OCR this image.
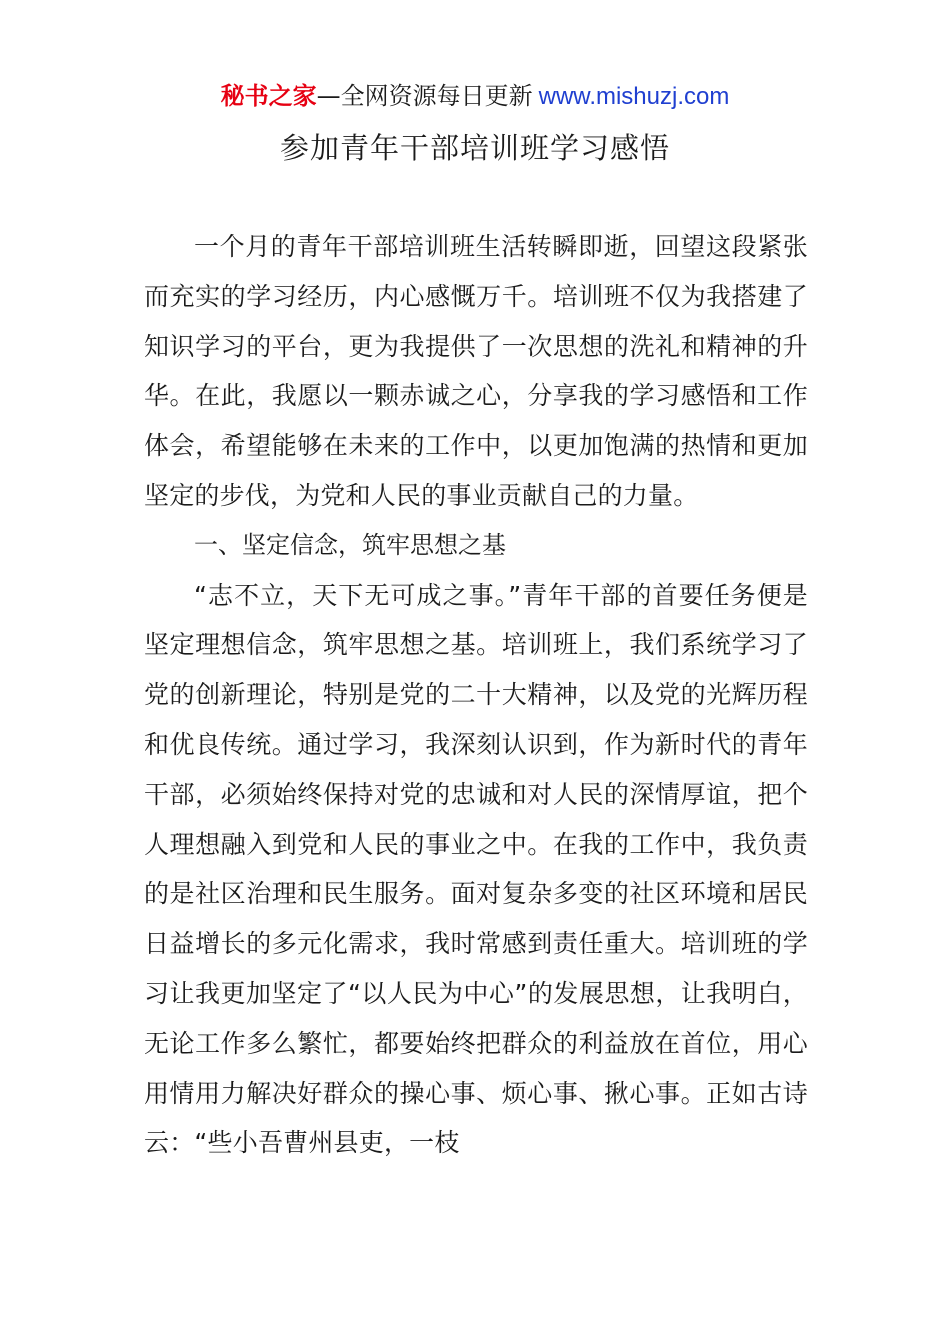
秘书之家—全网资源每日更新 www.mishuzj.com
参加青年干部培训班学习感悟

一个月的青年干部培训班生活转瞬即逝，回望这段紧张而充实的学习经历，内心感慨万千。培训班不仅为我搭建了知识学习的平台，更为我提供了一次思想的洗礼和精神的升华。在此，我愿以一颗赤诚之心，分享我的学习感悟和工作体会，希望能够在未来的工作中，以更加饱满的热情和更加坚定的步伐，为党和人民的事业贡献自己的力量。

一、坚定信念，筑牢思想之基

“志不立，天下无可成之事。”青年干部的首要任务便是坚定理想信念，筑牢思想之基。培训班上，我们系统学习了党的创新理论，特别是党的二十大精神，以及党的光辉历程和优良传统。通过学习，我深刻认识到，作为新时代的青年干部，必须始终保持对党的忠诚和对人民的深情厚谊，把个人理想融入到党和人民的事业之中。在我的工作中，我负责的是社区治理和民生服务。面对复杂多变的社区环境和居民日益增长的多元化需求，我时常感到责任重大。培训班的学习让我更加坚定了“以人民为中心”的发展思想，让我明白，无论工作多么繁忙，都要始终把群众的利益放在首位，用心用情用力解决好群众的操心事、烦心事、揪心事。正如古诗云：“些小吾曹州县吏，一枝
